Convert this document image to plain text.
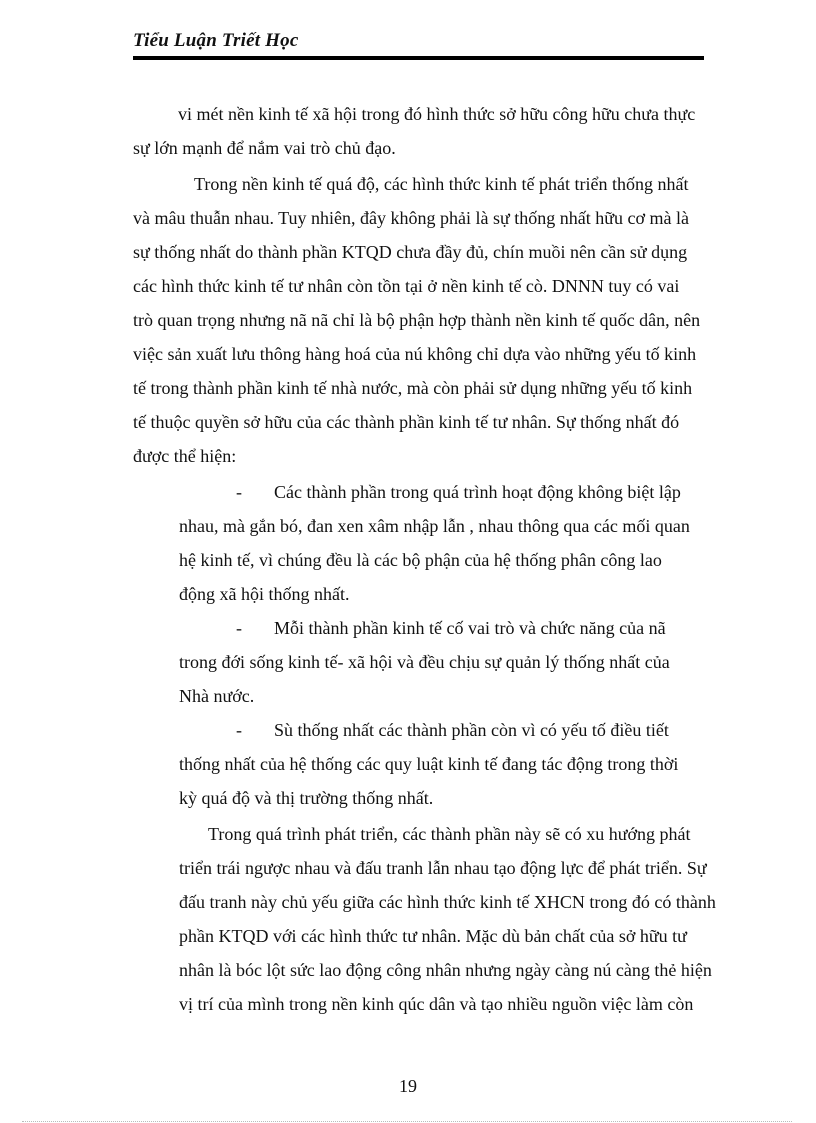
Tiểu Luận Triết Học
vi mét nền kinh tế xã hội trong đó hình thức sở hữu công hữu chưa thực
sự lớn mạnh để nắm vai trò chủ đạo.
Trong nền kinh tế quá độ, các hình thức kinh tế phát triển thống nhất
và mâu thuẫn nhau. Tuy nhiên, đây không phải là sự thống nhất hữu cơ mà là
sự thống nhất do thành phần KTQD chưa đầy đủ, chín muồi nên cần sử dụng
các hình thức kinh tế tư nhân còn tồn tại ở nền kinh tế cò. DNNN tuy có vai
trò quan trọng nhưng nã nã chỉ là bộ phận hợp thành nền kinh tế quốc dân, nên
việc sản xuất lưu thông hàng hoá của nú không chỉ dựa vào những yếu tố kinh
tế trong thành phần kinh tế nhà nước, mà còn phải sử dụng những yếu tố kinh
tế thuộc quyền sở hữu của các thành phần kinh tế tư nhân. Sự thống nhất đó
được thể hiện:
- Các thành phần trong quá trình hoạt động không biệt lập
nhau, mà gắn bó, đan xen xâm nhập lẫn , nhau thông qua các mối quan
hệ kinh tế, vì chúng đều là các bộ phận của hệ thống phân công lao
động xã hội thống nhất.
- Mỗi thành phần kinh tế cố vai trò và chức năng của nã
trong đới sống kinh tế- xã hội và đều chịu sự quản lý thống nhất của
Nhà nước.
- Sù thống nhất các thành phần còn vì có yếu tố điều tiết
thống nhất của hệ thống các quy luật kinh tế đang tác động trong thời
kỳ quá độ và thị trường thống nhất.
Trong quá trình phát triển, các thành phần này sẽ có xu hướng phát
triển trái ngược nhau và đấu tranh lẫn nhau tạo động lực để phát triển. Sự
đấu tranh này chủ yếu giữa các hình thức kinh tế XHCN trong đó có thành
phần KTQD với các hình thức tư nhân. Mặc dù bản chất của sở hữu tư
nhân là bóc lột sức lao động công nhân nhưng ngày càng nú càng thẻ hiện
vị trí của mình trong nền kinh qúc dân và tạo nhiều nguồn việc làm còn
19
